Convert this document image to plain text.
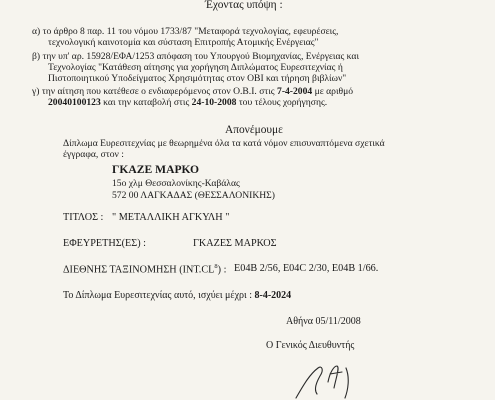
Έχοντας υπόψη :
α) το άρθρο 8 παρ. 11 του νόμου 1733/87 "Μεταφορά τεχνολογίας, εφευρέσεις,
τεχνολογική καινοτομία και σύσταση Επιτροπής Ατομικής Ενέργειας"
β) την υπ' αρ. 15928/ΕΦΑ/1253 απόφαση του Υπουργού Βιομηχανίας, Ενέργειας και
Τεχνολογίας "Κατάθεση αίτησης για χορήγηση Διπλώματος Ευρεσιτεχνίας ή
Πιστοποιητικού Υποδείγματος Χρησιμότητας στον ΟΒΙ και τήρηση βιβλίων"
γ) την αίτηση που κατέθεσε ο ενδιαφερόμενος στον Ο.Β.Ι. στις 7-4-2004 με αριθμό
20040100123 και την καταβολή στις 24-10-2008 του τέλους χορήγησης.
Απονέμουμε
Δίπλωμα Ευρεσιτεχνίας με θεωρημένα όλα τα κατά νόμον επισυναπτόμενα σχετικά
έγγραφα, στον :
ΓΚΑΖΕ ΜΑΡΚΟ
15ο χλμ Θεσσαλονίκης-Καβάλας
572 00 ΛΑΓΚΑΔΑΣ (ΘΕΣΣΑΛΟΝΙΚΗΣ)
ΤΙΤΛΟΣ : " ΜΕΤΑΛΛΙΚΗ ΑΓΚΥΛΗ "
ΕΦΕΥΡΕΤΗΣ(ΕΣ) :	ΓΚΑΖΕΣ ΜΑΡΚΟΣ
ΔΙΕΘΝΗΣ ΤΑΞΙΝΟΜΗΣΗ $(INT.CL^8)$ : E04B 2/56, E04C 2/30, E04B 1/66.
Το Δίπλωμα Ευρεσιτεχνίας αυτό, ισχύει μέχρι : 8-4-2024
Αθήνα 05/11/2008
Ο Γενικός Διευθυντής
